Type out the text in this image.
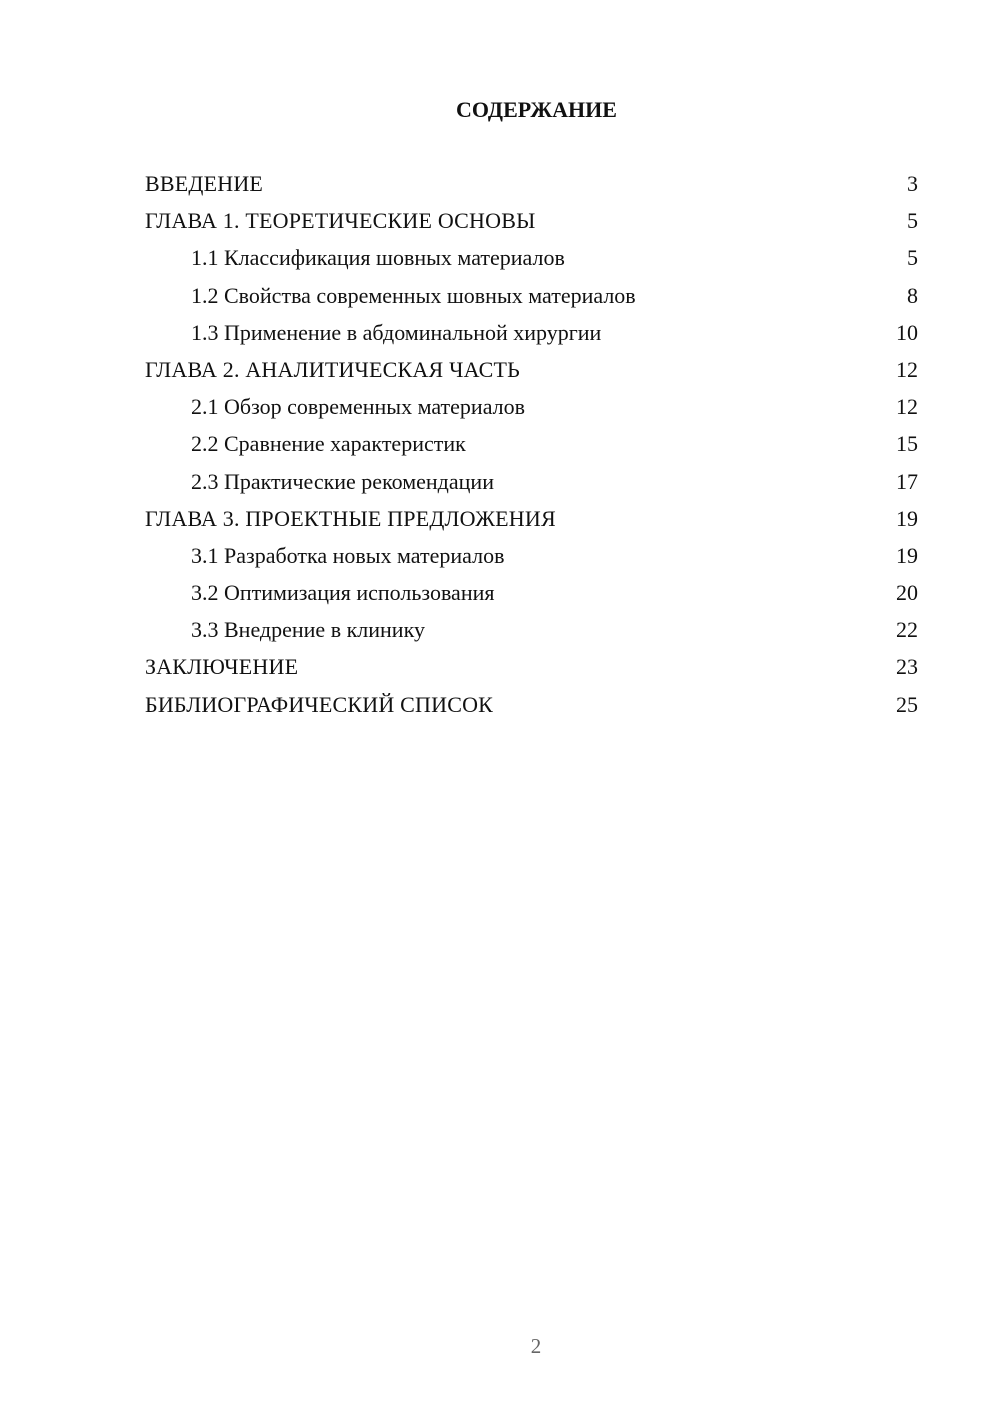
СОДЕРЖАНИЕ
ВВЕДЕНИЕ	3
ГЛАВА 1. ТЕОРЕТИЧЕСКИЕ ОСНОВЫ	5
1.1 Классификация шовных материалов	5
1.2 Свойства современных шовных материалов	8
1.3 Применение в абдоминальной хирургии	10
ГЛАВА 2. АНАЛИТИЧЕСКАЯ ЧАСТЬ	12
2.1 Обзор современных материалов	12
2.2 Сравнение характеристик	15
2.3 Практические рекомендации	17
ГЛАВА 3. ПРОЕКТНЫЕ ПРЕДЛОЖЕНИЯ	19
3.1 Разработка новых материалов	19
3.2 Оптимизация использования	20
3.3 Внедрение в клинику	22
ЗАКЛЮЧЕНИЕ	23
БИБЛИОГРАФИЧЕСКИЙ СПИСОК	25
2
